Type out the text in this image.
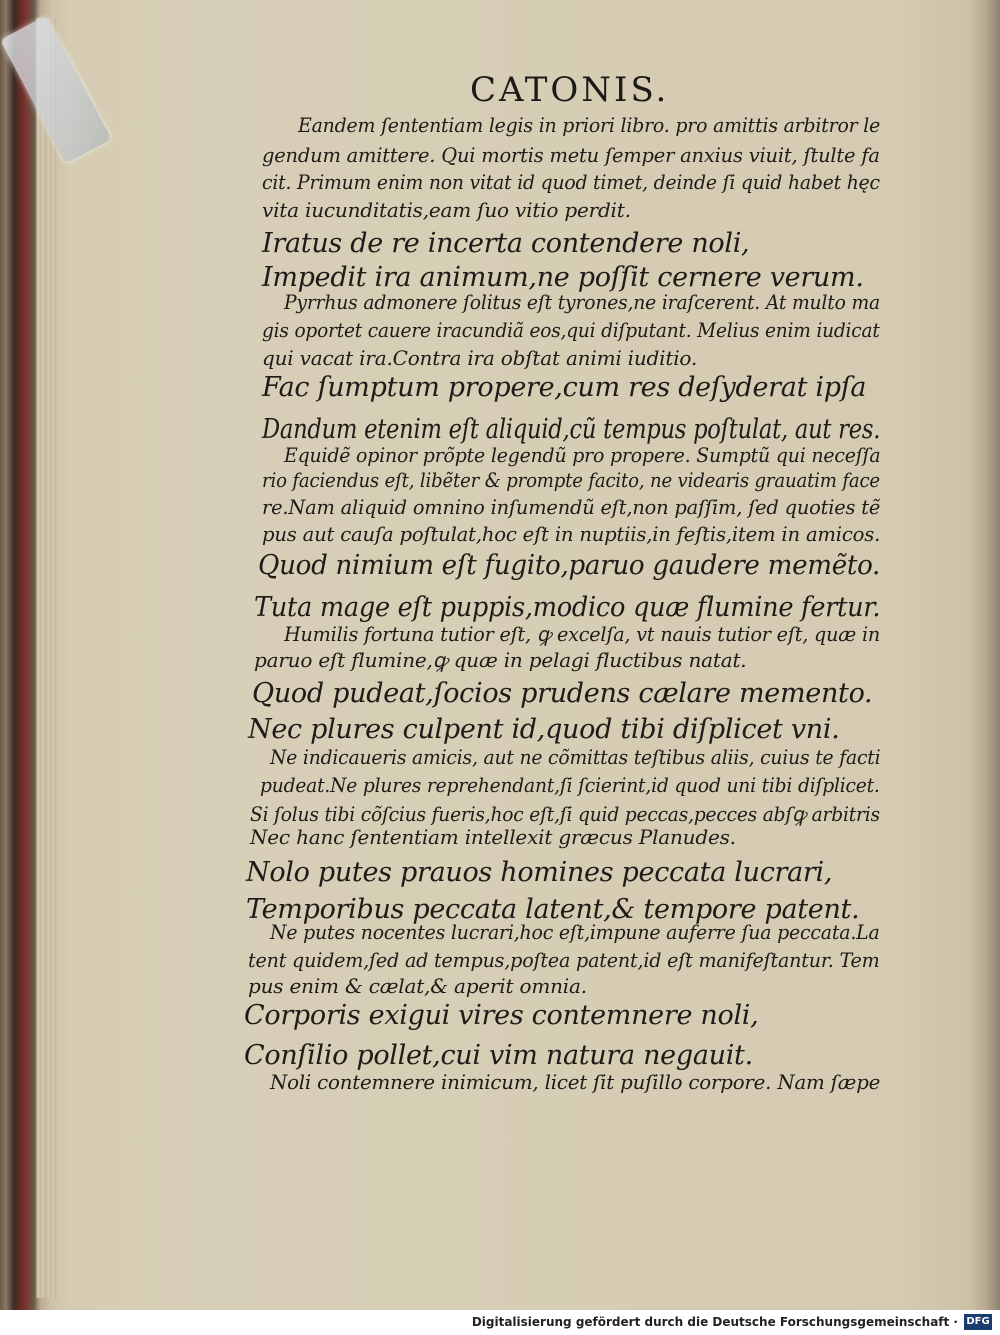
CATONIS.
Eandem ſententiam legis in priori libro. pro amittis arbitror le
gendum amittere. Qui mortis metu ſemper anxius viuit, ſtulte fa
cit. Primum enim non vitat id quod timet, deinde ſi quid habet hęc
vita iucunditatis,eam ſuo vitio perdit.
Iratus de re incerta contendere noli,
Impedit ira animum,ne poſſit cernere verum.
Pyrrhus admonere ſolitus eſt tyrones,ne iraſcerent. At multo ma
gis oportet cauere iracundiã eos,qui diſputant. Melius enim iudicat
qui vacat ira.Contra ira obſtat animi iuditio.
Fac ſumptum propere,cum res deſyderat ipſa
Dandum etenim eſt aliquid,cũ tempus poſtulat, aut res.
Equidẽ opinor prõpte legendũ pro propere. Sumptũ qui neceſſa
rio faciendus eſt, libẽter & prompte facito, ne videaris grauatim face
re.Nam aliquid omnino inſumendũ eſt,non paſſim, ſed quoties tẽ
pus aut cauſa poſtulat,hoc eſt in nuptiis,in feſtis,item in amicos.
Quod nimium eſt fugito,paruo gaudere memẽto.
Tuta mage eſt puppis,modico quæ flumine fertur.
Humilis fortuna tutior eſt, ꝙ excelſa, vt nauis tutior eſt, quæ in
paruo eſt flumine,ꝙ quæ in pelagi fluctibus natat.
Quod pudeat,ſocios prudens cælare memento.
Nec plures culpent id,quod tibi diſplicet vni.
Ne indicaueris amicis, aut ne cõmittas teſtibus aliis, cuius te facti
pudeat.Ne plures reprehendant,ſi ſcierint,id quod uni tibi diſplicet.
Si ſolus tibi cõſcius fueris,hoc eſt,ſi quid peccas,pecces abſꝙ arbitris
Nec hanc ſententiam intellexit græcus Planudes.
Nolo putes prauos homines peccata lucrari,
Temporibus peccata latent,& tempore patent.
Ne putes nocentes lucrari,hoc eſt,impune auferre ſua peccata.La
tent quidem,ſed ad tempus,poſtea patent,id eſt manifeſtantur. Tem
pus enim & cælat,& aperit omnia.
Corporis exigui vires contemnere noli,
Conſilio pollet,cui vim natura negauit.
Noli contemnere inimicum, licet ſit puſillo corpore. Nam ſæpe
Digitalisierung gefördert durch die Deutsche Forschungsgemeinschaft · DFG
